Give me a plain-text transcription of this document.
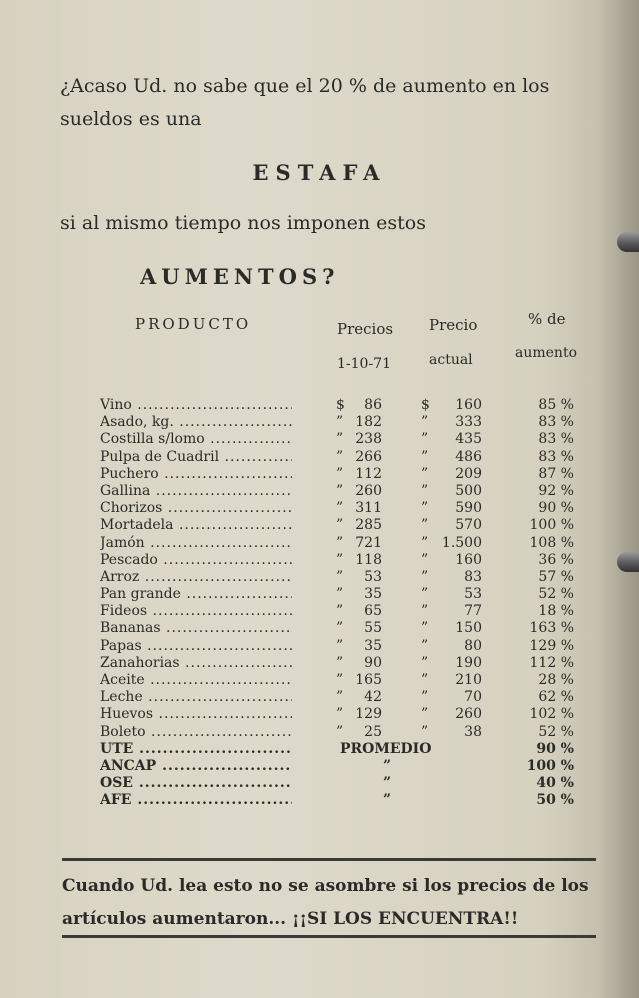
¿Acaso Ud. no sabe que el 20 % de aumento en los
sueldos es una
ESTAFA
si al mismo tiempo nos imponen estos
AUMENTOS?
PRODUCTO	Precios
1-10-71
Precio
actual
% de
aumento
Vino .....	$	86	$	160	85 %
Asado, kg. .....	” 182	”	333	83 %
Costilla s/lomo .....	” 238	”	435	83 %
Pulpa de Cuadril .....	” 266	”	486	83 %
Puchero .....	” 112	”	209	87 %
Gallina .....	” 260	”	500	92 %
Chorizos .....	” 311	”	590	90 %
Mortadela .....	” 285	”	570	100 %
Jamón .....	” 721	” 1.500	108 %
Pescado .....	” 118	”	160	36 %
Arroz .....	”	53	”	83	57 %
Pan grande .....	”	35	”	53	52 %
Fideos .....	”	65	”	77	18 %
Bananas .....	”	55	”	150	163 %
Papas .....	”	35	”	80	129 %
Zanahorias .....	”	90	”	190	112 %
Aceite .....	” 165	”	210	28 %
Leche .....	”	42	”	70	62 %
Huevos .....	” 129	”	260	102 %
Boleto .....	”	25	”	38	52 %
UTE .....	PROMEDIO	90 %
ANCAP .....	”	100 %
OSE .....	”	40 %
AFE .....	”	50 %
Cuando Ud. lea esto no se asombre si los precios de los
artículos aumentaron... ¡¡SI LOS ENCUENTRA!!
